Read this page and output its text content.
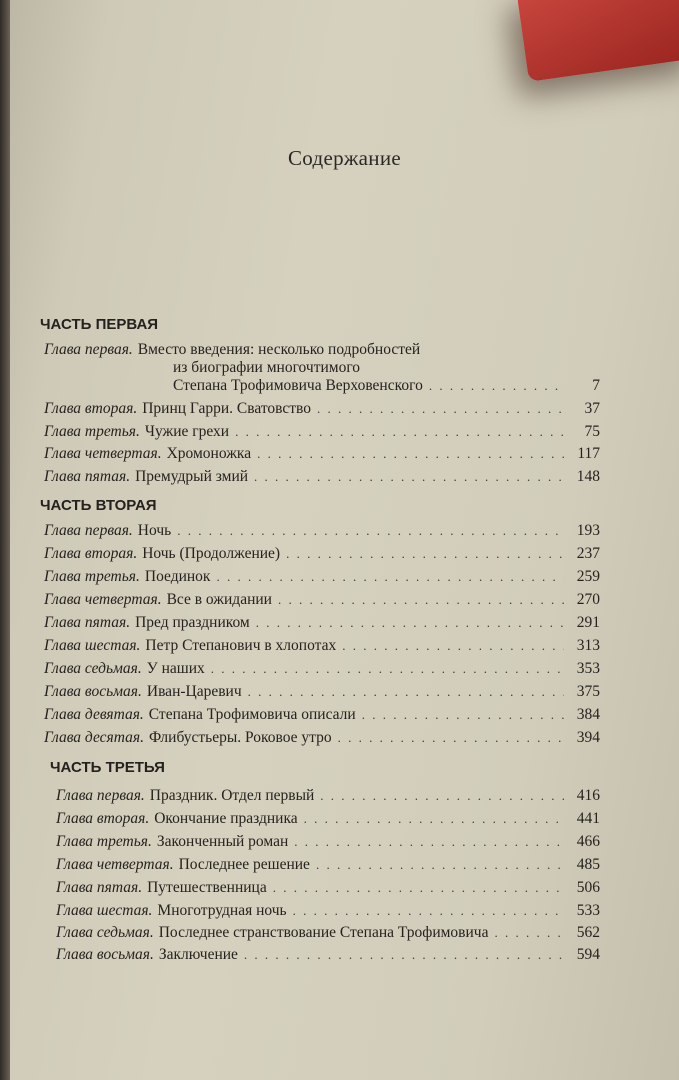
Содержание
ЧАСТЬ ПЕРВАЯ
Глава первая. Вместо введения: несколько подробностей
из биографии многочтимого
Степана Трофимовича Верховенского . . .	7
Глава вторая. Принц Гарри. Сватовство . . .	37
Глава третья. Чужие грехи . . .	75
Глава четвертая. Хромоножка . . .	117
Глава пятая. Премудрый змий . . .	148
ЧАСТЬ ВТОРАЯ
Глава первая. Ночь . . .	193
Глава вторая. Ночь (Продолжение) . . .	237
Глава третья. Поединок . . .	259
Глава четвертая. Все в ожидании . . .	270
Глава пятая. Пред праздником . . .	291
Глава шестая. Петр Степанович в хлопотах . . .	313
Глава седьмая. У наших . . .	353
Глава восьмая. Иван-Царевич . . .	375
Глава девятая. Степана Трофимовича описали . . .	384
Глава десятая. Флибустьеры. Роковое утро . . .	394
ЧАСТЬ ТРЕТЬЯ
Глава первая. Праздник. Отдел первый . . .	416
Глава вторая. Окончание праздника . . .	441
Глава третья. Законченный роман . . .	466
Глава четвертая. Последнее решение . . .	485
Глава пятая. Путешественница . . .	506
Глава шестая. Многотрудная ночь . . .	533
Глава седьмая. Последнее странствование Степана Трофимовича . . .	562
Глава восьмая. Заключение . . .	594
